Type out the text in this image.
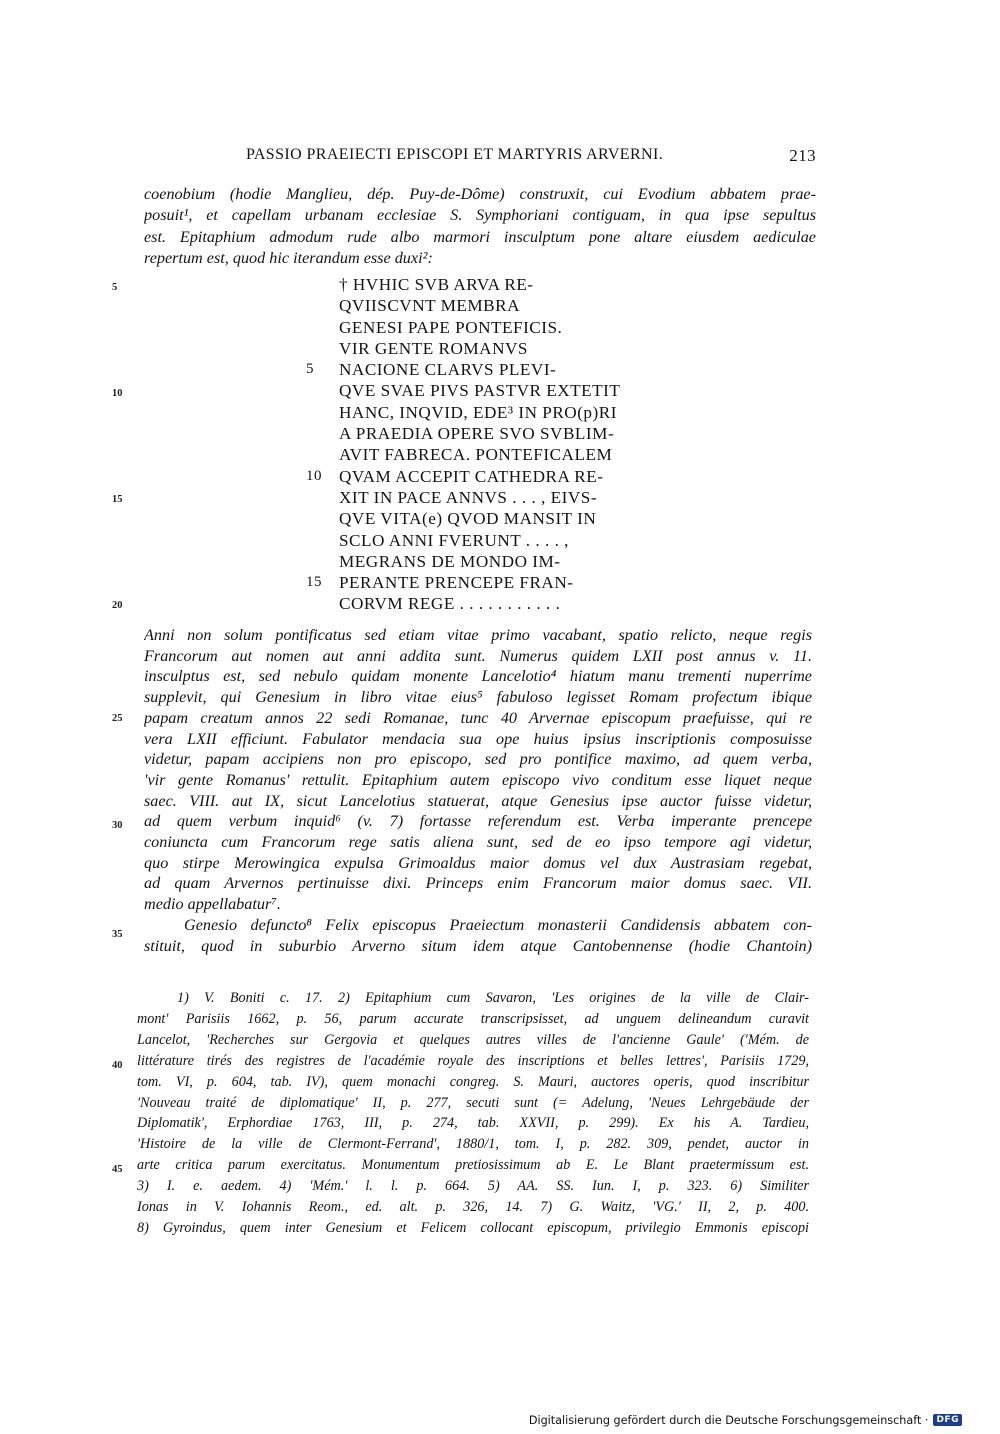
PASSIO PRAEIECTI EPISCOPI ET MARTYRIS ARVERNI.	213
coenobium (hodie Manglieu, dép. Puy-de-Dôme) construxit, cui Evodium abbatem prae-
posuit¹, et capellam urbanam ecclesiae S. Symphoriani contiguam, in qua ipse sepultus
est. Epitaphium admodum rude albo marmori insculptum pone altare eiusdem aediculae
repertum est, quod hic iterandum esse duxi²:
5
10
15
20
25
30
35
40
45
† HVHIC SVB ARVA RE-
QVIISCVNT MEMBRA
GENESI PAPE PONTEFICIS.
VIR GENTE ROMANVS
5	NACIONE CLARVS PLEVI-
QVE SVAE PIVS PASTVR EXTETIT
HANC, INQVID, EDE³ IN PRO(p)RI
A PRAEDIA OPERE SVO SVBLIM-
AVIT FABRECA. PONTEFICALEM
10 QVAM ACCEPIT CATHEDRA RE-
XIT IN PACE ANNVS . . . , EIVS-
QVE VITA(e) QVOD MANSIT IN
SCLO ANNI FVERUNT . . . . ,
MEGRANS DE MONDO IM-
15 PERANTE PRENCEPE FRAN-
CORVM REGE . . . . . . . . . . .
Anni non solum pontificatus sed etiam vitae primo vacabant, spatio relicto, neque regis
Francorum aut nomen aut anni addita sunt. Numerus quidem LXII post annus v. 11.
insculptus est, sed nebulo quidam monente Lancelotio⁴ hiatum manu trementi nuperrime
supplevit, qui Genesium in libro vitae eius⁵ fabuloso legisset Romam profectum ibique
papam creatum annos 22 sedi Romanae, tunc 40 Arvernae episcopum praefuisse, qui re
vera LXII efficiunt. Fabulator mendacia sua ope huius ipsius inscriptionis composuisse
videtur, papam accipiens non pro episcopo, sed pro pontifice maximo, ad quem verba,
'vir gente Romanus' rettulit. Epitaphium autem episcopo vivo conditum esse liquet neque
saec. VIII. aut IX, sicut Lancelotius statuerat, atque Genesius ipse auctor fuisse videtur,
ad quem verbum inquid⁶ (v. 7) fortasse referendum est. Verba imperante prencepe
coniuncta cum Francorum rege satis aliena sunt, sed de eo ipso tempore agi videtur,
quo stirpe Merowingica expulsa Grimoaldus maior domus vel dux Austrasiam regebat,
ad quam Arvernos pertinuisse dixi. Princeps enim Francorum maior domus saec. VII.
medio appellabatur⁷.
Genesio defuncto⁸ Felix episcopus Praeiectum monasterii Candidensis abbatem con-
stituit, quod in suburbio Arverno situm idem atque Cantobennense (hodie Chantoin)
1) V. Boniti c. 17. 2) Epitaphium cum Savaron, 'Les origines de la ville de Clair-
mont' Parisiis 1662, p. 56, parum accurate transcripsisset, ad unguem delineandum curavit
Lancelot, 'Recherches sur Gergovia et quelques autres villes de l'ancienne Gaule' ('Mém. de
littérature tirés des registres de l'académie royale des inscriptions et belles lettres', Parisiis 1729,
tom. VI, p. 604, tab. IV), quem monachi congreg. S. Mauri, auctores operis, quod inscribitur
'Nouveau traité de diplomatique' II, p. 277, secuti sunt (= Adelung, 'Neues Lehrgebäude der
Diplomatik', Erphordiae 1763, III, p. 274, tab. XXVII, p. 299). Ex his A. Tardieu,
'Histoire de la ville de Clermont-Ferrand', 1880/1, tom. I, p. 282. 309, pendet, auctor in
arte critica parum exercitatus. Monumentum pretiosissimum ab E. Le Blant praetermissum est.
3) I. e. aedem. 4) 'Mém.' l. l. p. 664. 5) AA. SS. Iun. I, p. 323. 6) Similiter
Ionas in V. Iohannis Reom., ed. alt. p. 326, 14. 7) G. Waitz, 'VG.' II, 2, p. 400.
8) Gyroindus, quem inter Genesium et Felicem collocant episcopum, privilegio Emmonis episcopi
Digitalisierung gefördert durch die Deutsche Forschungsgemeinschaft · DFG
